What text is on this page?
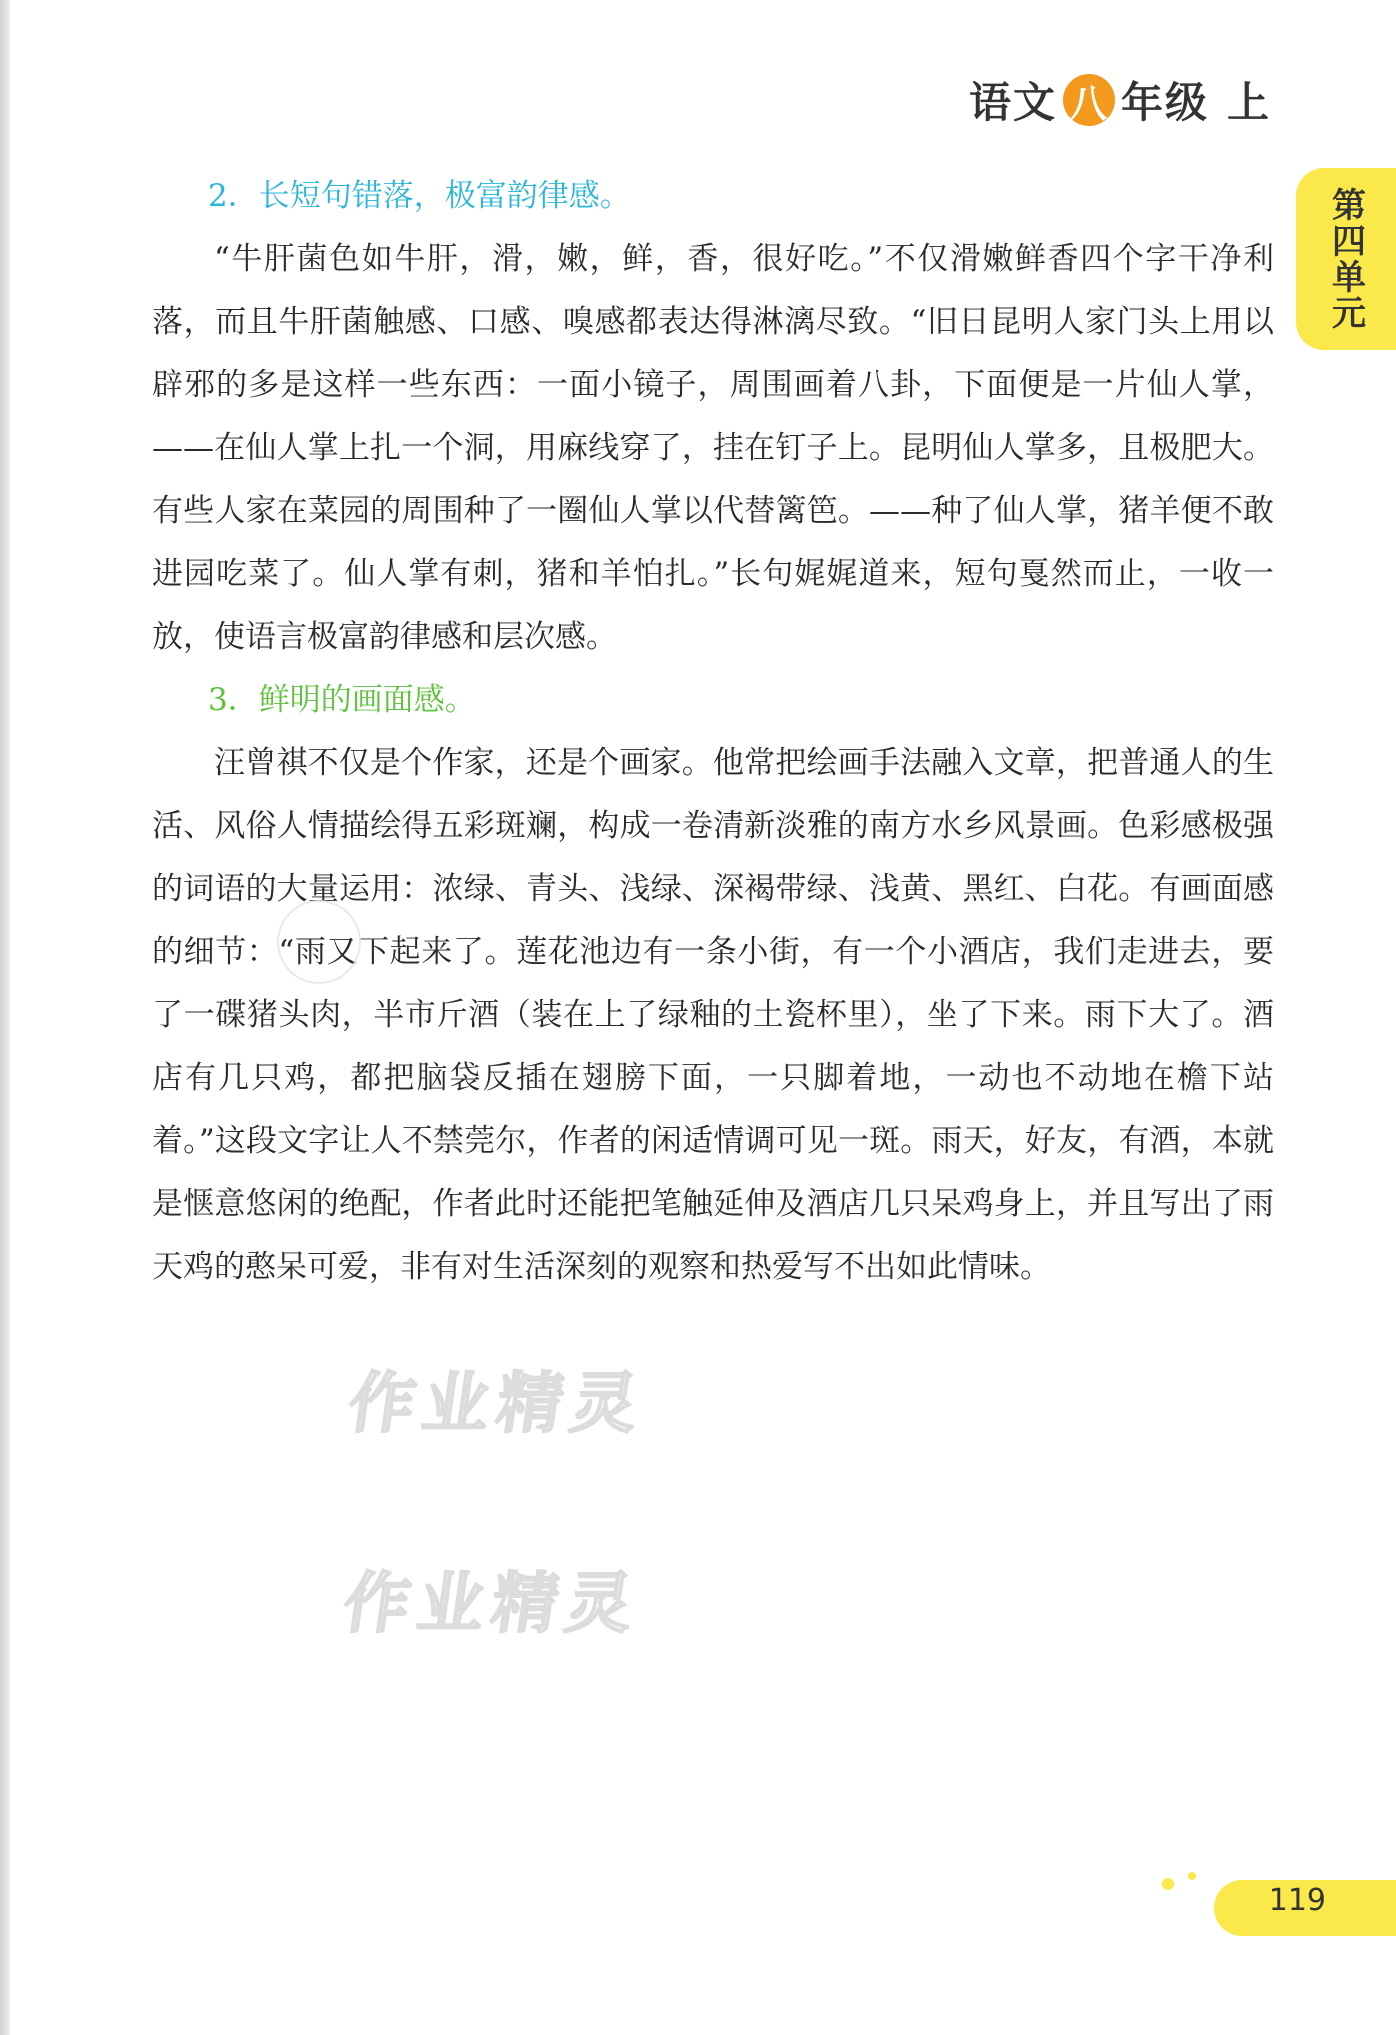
语文 八 年级 上
第四单元

2．长短句错落，极富韵律感。

“牛肝菌色如牛肝，滑，嫩，鲜，香，很好吃。”不仅滑嫩鲜香四个字干净利落，而且牛肝菌触感、口感、嗅感都表达得淋漓尽致。“旧日昆明人家门头上用以辟邪的多是这样一些东西：一面小镜子，周围画着八卦，下面便是一片仙人掌，——在仙人掌上扎一个洞，用麻线穿了，挂在钉子上。昆明仙人掌多，且极肥大。有些人家在菜园的周围种了一圈仙人掌以代替篱笆。——种了仙人掌，猪羊便不敢进园吃菜了。仙人掌有刺，猪和羊怕扎。”长句娓娓道来，短句戛然而止，一收一放，使语言极富韵律感和层次感。

3．鲜明的画面感。

汪曾祺不仅是个作家，还是个画家。他常把绘画手法融入文章，把普通人的生活、风俗人情描绘得五彩斑斓，构成一卷清新淡雅的南方水乡风景画。色彩感极强的词语的大量运用：浓绿、青头、浅绿、深褐带绿、浅黄、黑红、白花。有画面感的细节：“雨又下起来了。莲花池边有一条小街，有一个小酒店，我们走进去，要了一碟猪头肉，半市斤酒（装在上了绿釉的土瓷杯里），坐了下来。雨下大了。酒店有几只鸡，都把脑袋反插在翅膀下面，一只脚着地，一动也不动地在檐下站着。”这段文字让人不禁莞尔，作者的闲适情调可见一斑。雨天，好友，有酒，本就是惬意悠闲的绝配，作者此时还能把笔触延伸及酒店几只呆鸡身上，并且写出了雨天鸡的憨呆可爱，非有对生活深刻的观察和热爱写不出如此情味。

作业精灵
作业精灵
119
